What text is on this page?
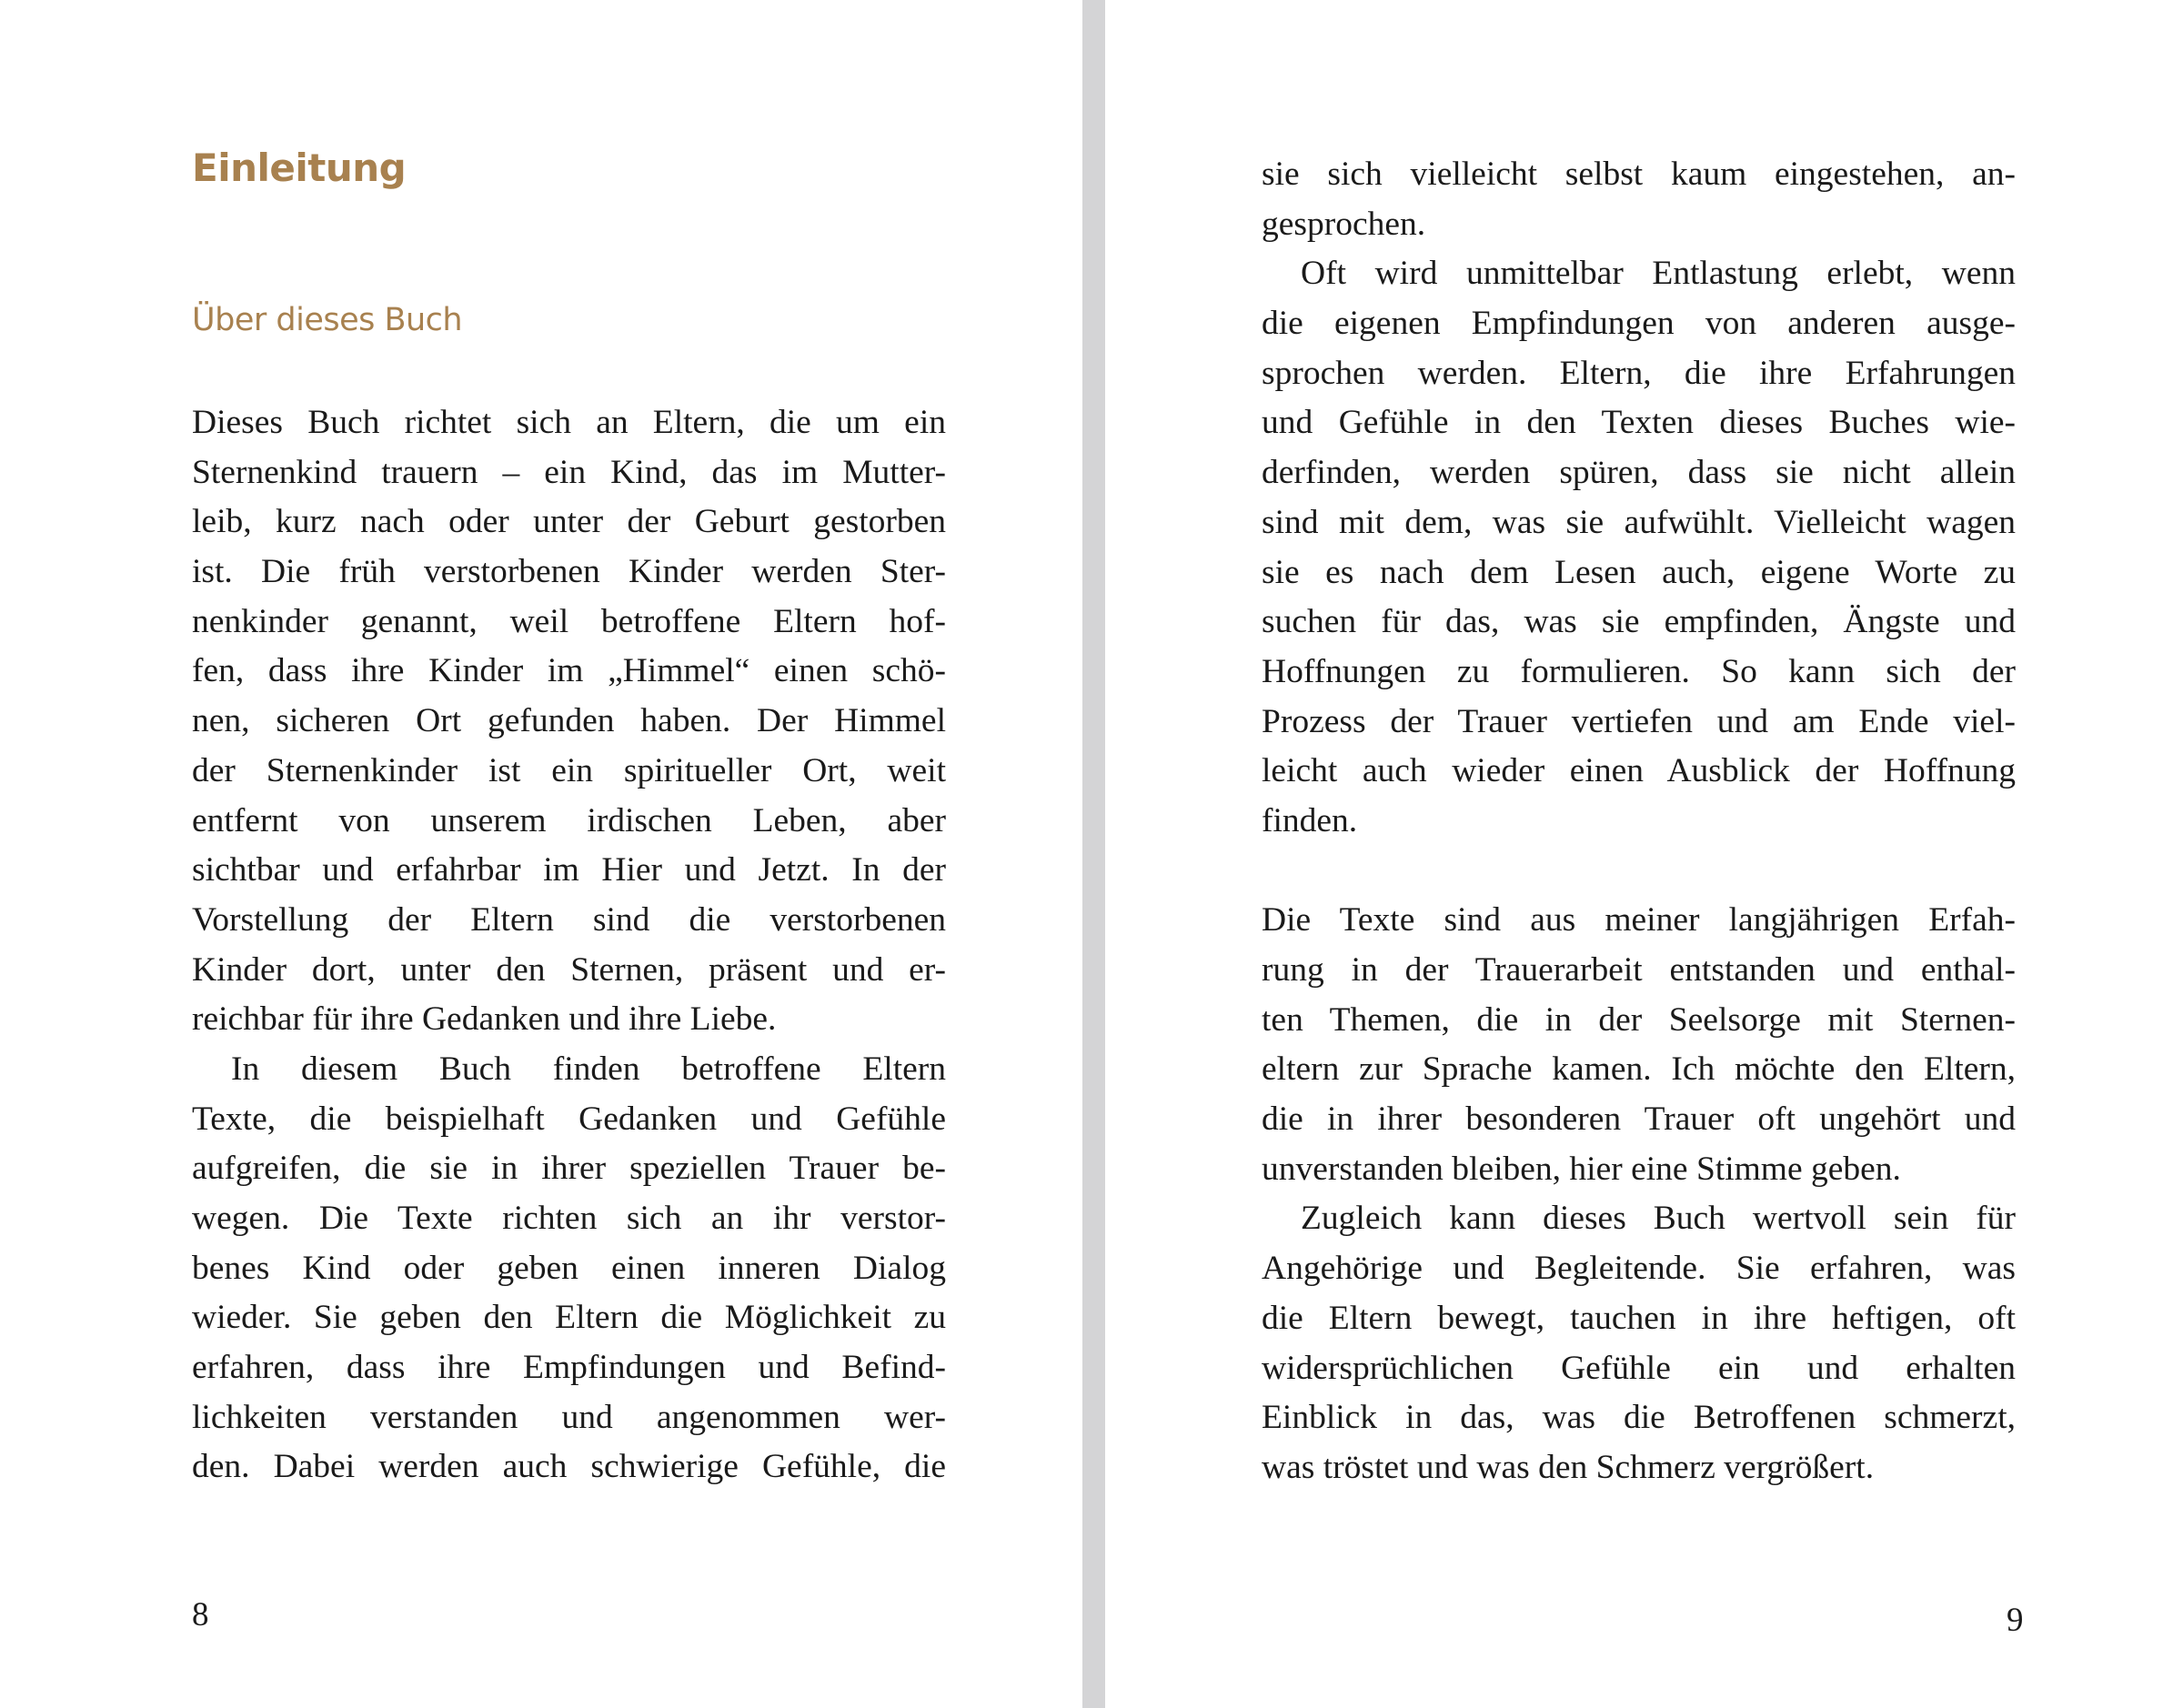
Einleitung
Über dieses Buch
Dieses Buch richtet sich an Eltern, die um ein
Sternenkind trauern – ein Kind, das im Mutter-
leib, kurz nach oder unter der Geburt gestorben
ist. Die früh verstorbenen Kinder werden Ster-
nenkinder genannt, weil betroffene Eltern hof-
fen, dass ihre Kinder im „Himmel“ einen schö-
nen, sicheren Ort gefunden haben. Der Himmel
der Sternenkinder ist ein spiritueller Ort, weit
entfernt von unserem irdischen Leben, aber
sichtbar und erfahrbar im Hier und Jetzt. In der
Vorstellung der Eltern sind die verstorbenen
Kinder dort, unter den Sternen, präsent und er-
reichbar für ihre Gedanken und ihre Liebe.
In diesem Buch finden betroffene Eltern
Texte, die beispielhaft Gedanken und Gefühle
aufgreifen, die sie in ihrer speziellen Trauer be-
wegen. Die Texte richten sich an ihr verstor-
benes Kind oder geben einen inneren Dialog
wieder. Sie geben den Eltern die Möglichkeit zu
erfahren, dass ihre Empfindungen und Befind-
lichkeiten verstanden und angenommen wer-
den. Dabei werden auch schwierige Gefühle, die
8
sie sich vielleicht selbst kaum eingestehen, an-
gesprochen.
Oft wird unmittelbar Entlastung erlebt, wenn
die eigenen Empfindungen von anderen ausge-
sprochen werden. Eltern, die ihre Erfahrungen
und Gefühle in den Texten dieses Buches wie-
derfinden, werden spüren, dass sie nicht allein
sind mit dem, was sie aufwühlt. Vielleicht wagen
sie es nach dem Lesen auch, eigene Worte zu
suchen für das, was sie empfinden, Ängste und
Hoffnungen zu formulieren. So kann sich der
Prozess der Trauer vertiefen und am Ende viel-
leicht auch wieder einen Ausblick der Hoffnung
finden.
Die Texte sind aus meiner langjährigen Erfah-
rung in der Trauerarbeit entstanden und enthal-
ten Themen, die in der Seelsorge mit Sternen-
eltern zur Sprache kamen. Ich möchte den Eltern,
die in ihrer besonderen Trauer oft ungehört und
unverstanden bleiben, hier eine Stimme geben.
Zugleich kann dieses Buch wertvoll sein für
Angehörige und Begleitende. Sie erfahren, was
die Eltern bewegt, tauchen in ihre heftigen, oft
widersprüchlichen Gefühle ein und erhalten
Einblick in das, was die Betroffenen schmerzt,
was tröstet und was den Schmerz vergrößert.
9
